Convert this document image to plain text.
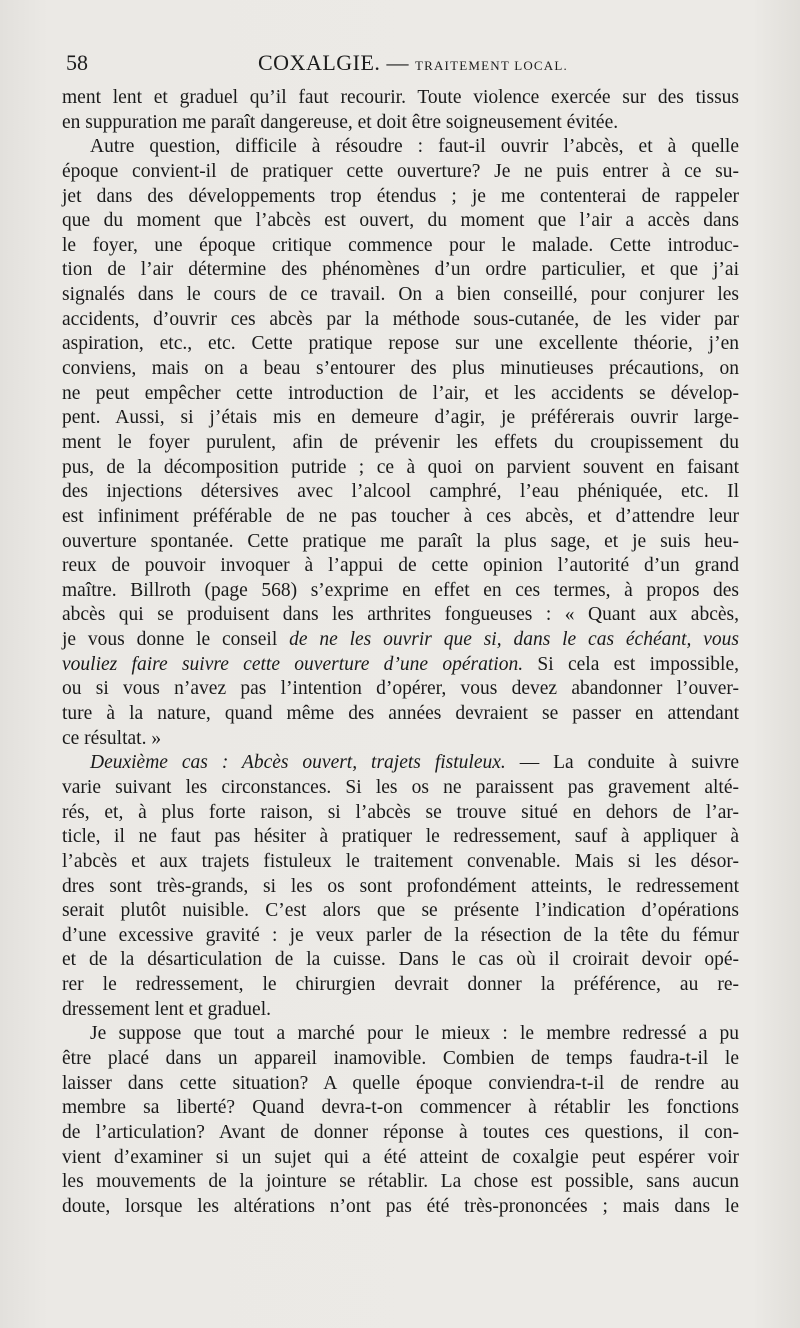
58	COXALGIE. — TRAITEMENT LOCAL.
ment lent et graduel qu’il faut recourir. Toute violence exercée sur des tissus
en suppuration me paraît dangereuse, et doit être soigneusement évitée.
Autre question, difficile à résoudre : faut-il ouvrir l’abcès, et à quelle
époque convient-il de pratiquer cette ouverture? Je ne puis entrer à ce su-
jet dans des développements trop étendus ; je me contenterai de rappeler
que du moment que l’abcès est ouvert, du moment que l’air a accès dans
le foyer, une époque critique commence pour le malade. Cette introduc-
tion de l’air détermine des phénomènes d’un ordre particulier, et que j’ai
signalés dans le cours de ce travail. On a bien conseillé, pour conjurer les
accidents, d’ouvrir ces abcès par la méthode sous-cutanée, de les vider par
aspiration, etc., etc. Cette pratique repose sur une excellente théorie, j’en
conviens, mais on a beau s’entourer des plus minutieuses précautions, on
ne peut empêcher cette introduction de l’air, et les accidents se dévelop-
pent. Aussi, si j’étais mis en demeure d’agir, je préférerais ouvrir large-
ment le foyer purulent, afin de prévenir les effets du croupissement du
pus, de la décomposition putride ; ce à quoi on parvient souvent en faisant
des injections détersives avec l’alcool camphré, l’eau phéniquée, etc. Il
est infiniment préférable de ne pas toucher à ces abcès, et d’attendre leur
ouverture spontanée. Cette pratique me paraît la plus sage, et je suis heu-
reux de pouvoir invoquer à l’appui de cette opinion l’autorité d’un grand
maître. Billroth (page 568) s’exprime en effet en ces termes, à propos des
abcès qui se produisent dans les arthrites fongueuses : « Quant aux abcès,
je vous donne le conseil de ne les ouvrir que si, dans le cas échéant, vous
vouliez faire suivre cette ouverture d’une opération. Si cela est impossible,
ou si vous n’avez pas l’intention d’opérer, vous devez abandonner l’ouver-
ture à la nature, quand même des années devraient se passer en attendant
ce résultat. »
Deuxième cas : Abcès ouvert, trajets fistuleux. — La conduite à suivre
varie suivant les circonstances. Si les os ne paraissent pas gravement alté-
rés, et, à plus forte raison, si l’abcès se trouve situé en dehors de l’ar-
ticle, il ne faut pas hésiter à pratiquer le redressement, sauf à appliquer à
l’abcès et aux trajets fistuleux le traitement convenable. Mais si les désor-
dres sont très-grands, si les os sont profondément atteints, le redressement
serait plutôt nuisible. C’est alors que se présente l’indication d’opérations
d’une excessive gravité : je veux parler de la résection de la tête du fémur
et de la désarticulation de la cuisse. Dans le cas où il croirait devoir opé-
rer le redressement, le chirurgien devrait donner la préférence, au re-
dressement lent et graduel.
Je suppose que tout a marché pour le mieux : le membre redressé a pu
être placé dans un appareil inamovible. Combien de temps faudra-t-il le
laisser dans cette situation? A quelle époque conviendra-t-il de rendre au
membre sa liberté? Quand devra-t-on commencer à rétablir les fonctions
de l’articulation? Avant de donner réponse à toutes ces questions, il con-
vient d’examiner si un sujet qui a été atteint de coxalgie peut espérer voir
les mouvements de la jointure se rétablir. La chose est possible, sans aucun
doute, lorsque les altérations n’ont pas été très-prononcées ; mais dans le
